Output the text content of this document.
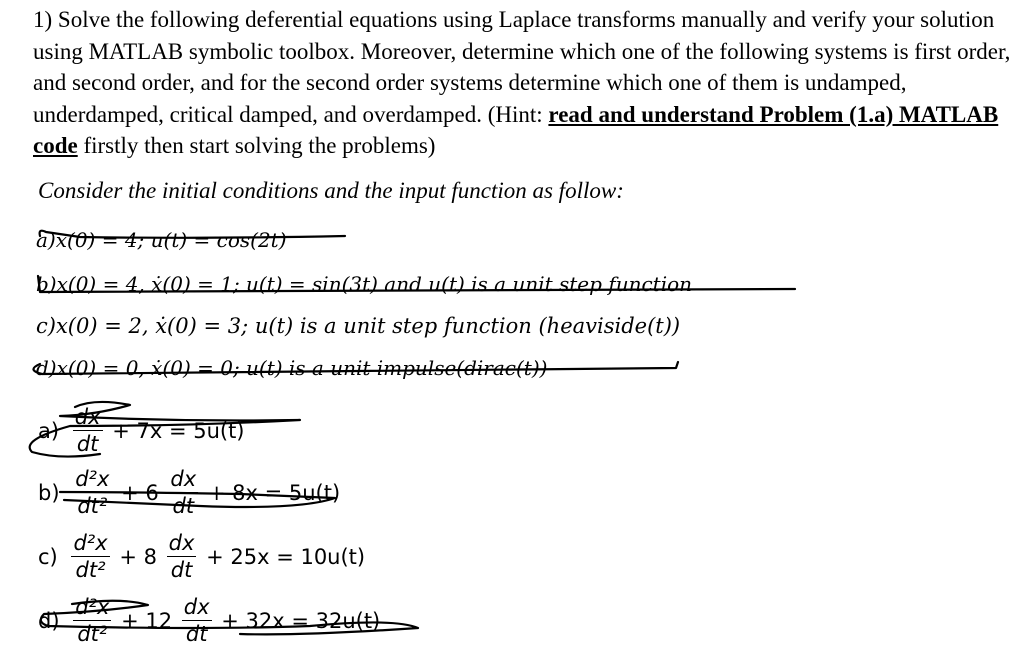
1) Solve the following deferential equations using Laplace transforms manually and verify your solution using MATLAB symbolic toolbox. Moreover, determine which one of the following systems is first order, and second order, and for the second order systems determine which one of them is undamped, underdamped, critical damped, and overdamped. (Hint: read and understand Problem (1.a) MATLAB code firstly then start solving the problems)
Consider the initial conditions and the input function as follow:
a)x(0) = 4; u(t) = cos(2t)
b)x(0) = 4, ẋ(0) = 1; u(t) = sin(3t) and u(t) is a unit step function
c)x(0) = 2, ẋ(0) = 3; u(t) is a unit step function (heaviside(t))
d)x(0) = 0, ẋ(0) = 0; u(t) is a unit impulse(dirac(t))
$a) \frac{dx}{dt} + 7x = 5u(t)$
$b) \frac{\text{d²x}}{\text{dt²}} + 6 \frac{dx}{dt} + 8x = 5u(t)$
$c) \frac{\text{d²x}}{\text{dt²}} + 8 \frac{dx}{dt} + 25x = 10u(t)$
$d) \frac{\text{d²x}}{\text{dt²}} + 12 \frac{dx}{dt} + 32x = 32u(t)$
